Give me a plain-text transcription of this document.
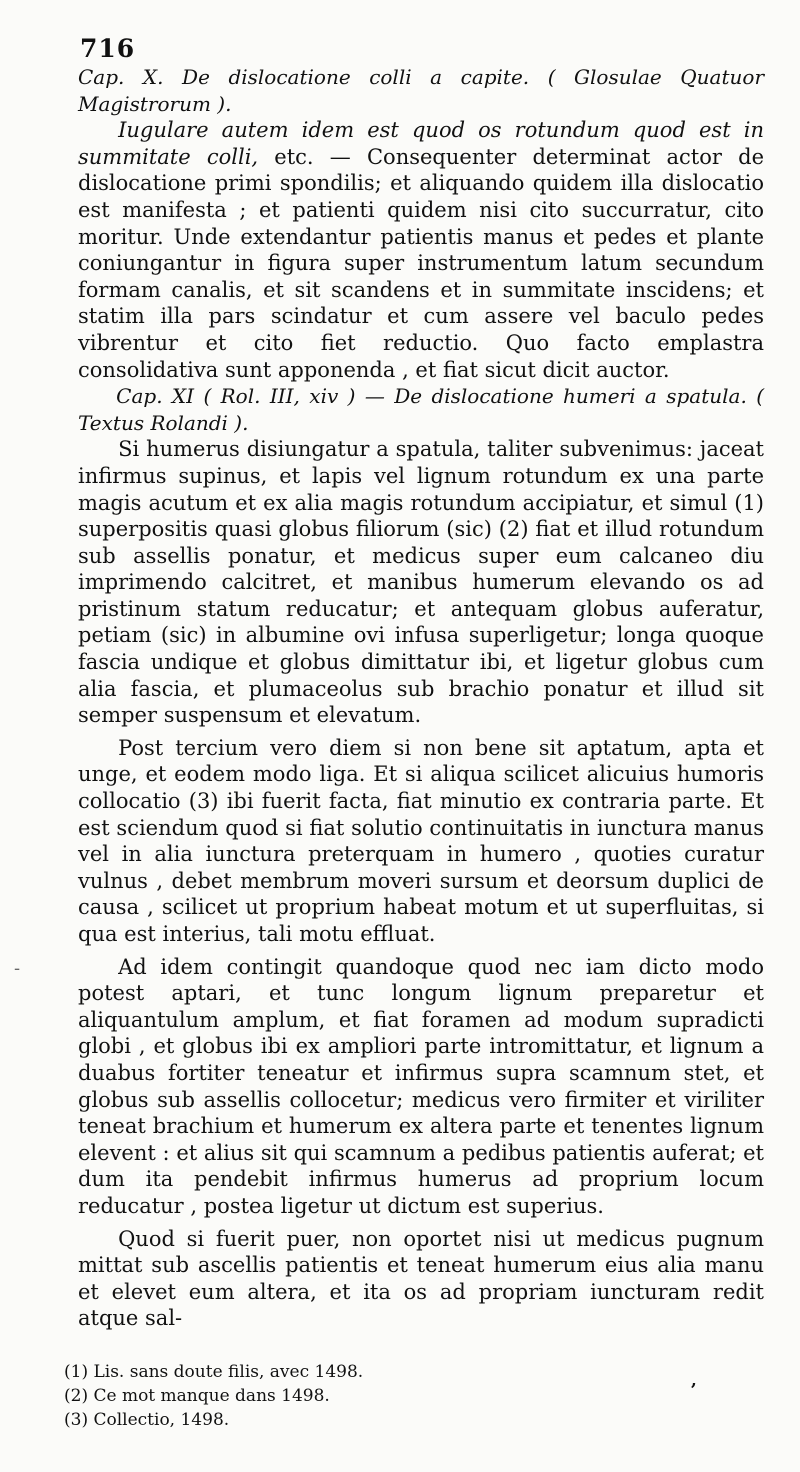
716

Cap. X. De dislocatione colli a capite. ( Glosulae Quatuor Magistrorum ).

Iugulare autem idem est quod os rotundum quod est in summitate colli, etc. — Consequenter determinat actor de dislocatione primi spondilis; et aliquando quidem illa dislocatio est manifesta ; et patienti quidem nisi cito succurratur, cito moritur. Unde extendantur patientis manus et pedes et plante coniungantur in figura super instrumentum latum secundum formam canalis, et sit scandens et in summitate inscidens; et statim illa pars scindatur et cum assere vel baculo pedes vibrentur et cito fiet reductio. Quo facto emplastra consolidativa sunt apponenda , et fiat sicut dicit auctor.

Cap. XI ( Rol. III, xiv ) — De dislocatione humeri a spatula. ( Textus Rolandi ).

Si humerus disiungatur a spatula, taliter subvenimus: jaceat infirmus supinus, et lapis vel lignum rotundum ex una parte magis acutum et ex alia magis rotundum accipiatur, et simul (1) superpositis quasi globus filiorum (sic) (2) fiat et illud rotundum sub assellis ponatur, et medicus super eum calcaneo diu imprimendo calcitret, et manibus humerum elevando os ad pristinum statum reducatur; et antequam globus auferatur, petiam (sic) in albumine ovi infusa superligetur; longa quoque fascia undique et globus dimittatur ibi, et ligetur globus cum alia fascia, et plumaceolus sub brachio ponatur et illud sit semper suspensum et elevatum.

Post tercium vero diem si non bene sit aptatum, apta et unge, et eodem modo liga. Et si aliqua scilicet alicuius humoris collocatio (3) ibi fuerit facta, fiat minutio ex contraria parte. Et est sciendum quod si fiat solutio continuitatis in iunctura manus vel in alia iunctura preterquam in humero , quoties curatur vulnus , debet membrum moveri sursum et deorsum duplici de causa , scilicet ut proprium habeat motum et ut superfluitas, si qua est interius, tali motu effluat.

Ad idem contingit quandoque quod nec iam dicto modo potest aptari, et tunc longum lignum preparetur et aliquantulum amplum, et fiat foramen ad modum supradicti globi , et globus ibi ex ampliori parte intromittatur, et lignum a duabus fortiter teneatur et infirmus supra scamnum stet, et globus sub assellis collocetur; medicus vero firmiter et viriliter teneat brachium et humerum ex altera parte et tenentes lignum elevent : et alius sit qui scamnum a pedibus patientis auferat; et dum ita pendebit infirmus humerus ad proprium locum reducatur , postea ligetur ut dictum est superius.

Quod si fuerit puer, non oportet nisi ut medicus pugnum mittat sub ascellis patientis et teneat humerum eius alia manu et elevet eum altera, et ita os ad propriam iuncturam redit atque sal-

-
(1) Lis. sans doute filis, avec 1498.
(2) Ce mot manque dans 1498.
(3) Collectio, 1498.
ʼ
